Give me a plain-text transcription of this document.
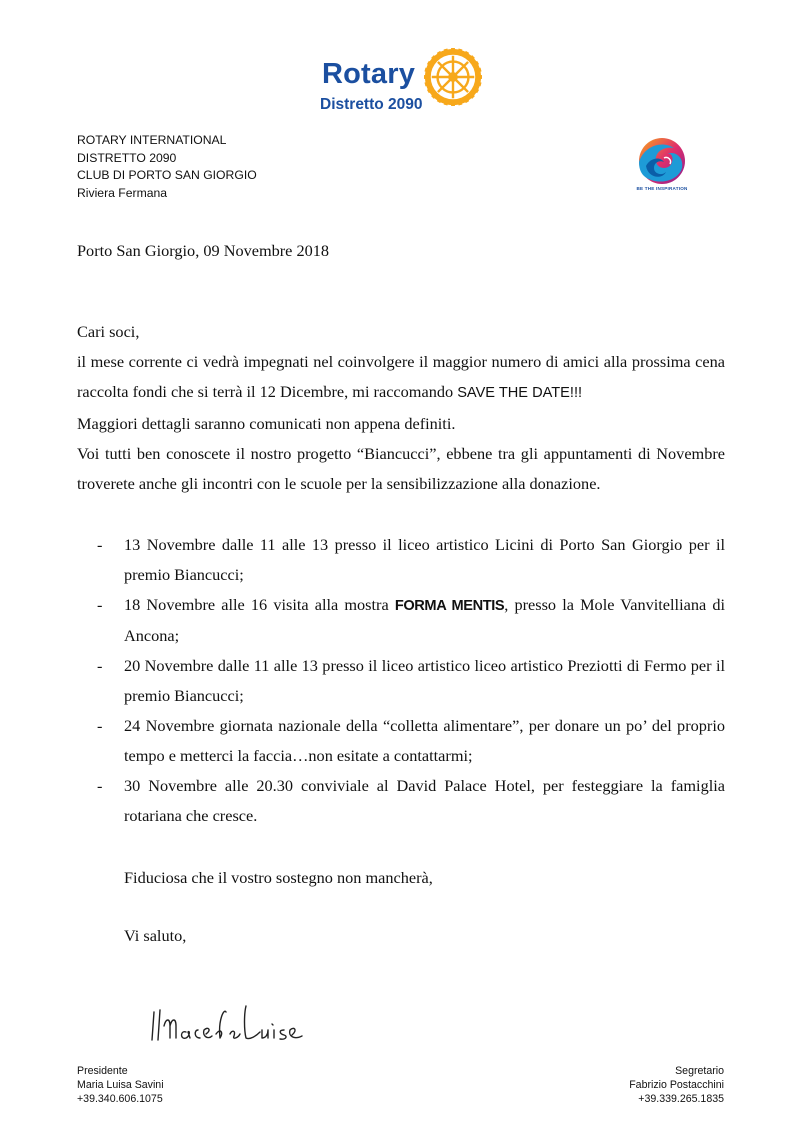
Rotary
Distretto 2090
ROTARY INTERNATIONAL
DISTRETTO 2090
CLUB DI PORTO SAN GIORGIO
Riviera Fermana	BE THE INSPIRATION
Porto San Giorgio, 09 Novembre 2018

Cari soci,

il mese corrente ci vedrà impegnati nel coinvolgere il maggior numero di amici alla prossima cena raccolta fondi che si terrà il 12 Dicembre, mi raccomando SAVE THE DATE!!!

Maggiori dettagli saranno comunicati non appena definiti.

Voi tutti ben conoscete il nostro progetto “Biancucci”, ebbene tra gli appuntamenti di Novembre troverete anche gli incontri con le scuole per la sensibilizzazione alla donazione.

- 13 Novembre dalle 11 alle 13 presso il liceo artistico Licini di Porto San Giorgio per il premio Biancucci;
- 18 Novembre alle 16 visita alla mostra FORMA MENTIS, presso la Mole Vanvitelliana di Ancona;
- 20 Novembre dalle 11 alle 13 presso il liceo artistico liceo artistico Preziotti di Fermo per il premio Biancucci;
- 24 Novembre giornata nazionale della “colletta alimentare”, per donare un po’ del proprio tempo e metterci la faccia…non esitate a contattarmi;
- 30 Novembre alle 20.30 conviviale al David Palace Hotel, per festeggiare la famiglia rotariana che cresce.
Fiduciosa che il vostro sostegno non mancherà,
Vi saluto,
Presidente
Maria Luisa Savini
+39.340.606.1075
Segretario
Fabrizio Postacchini
+39.339.265.1835
